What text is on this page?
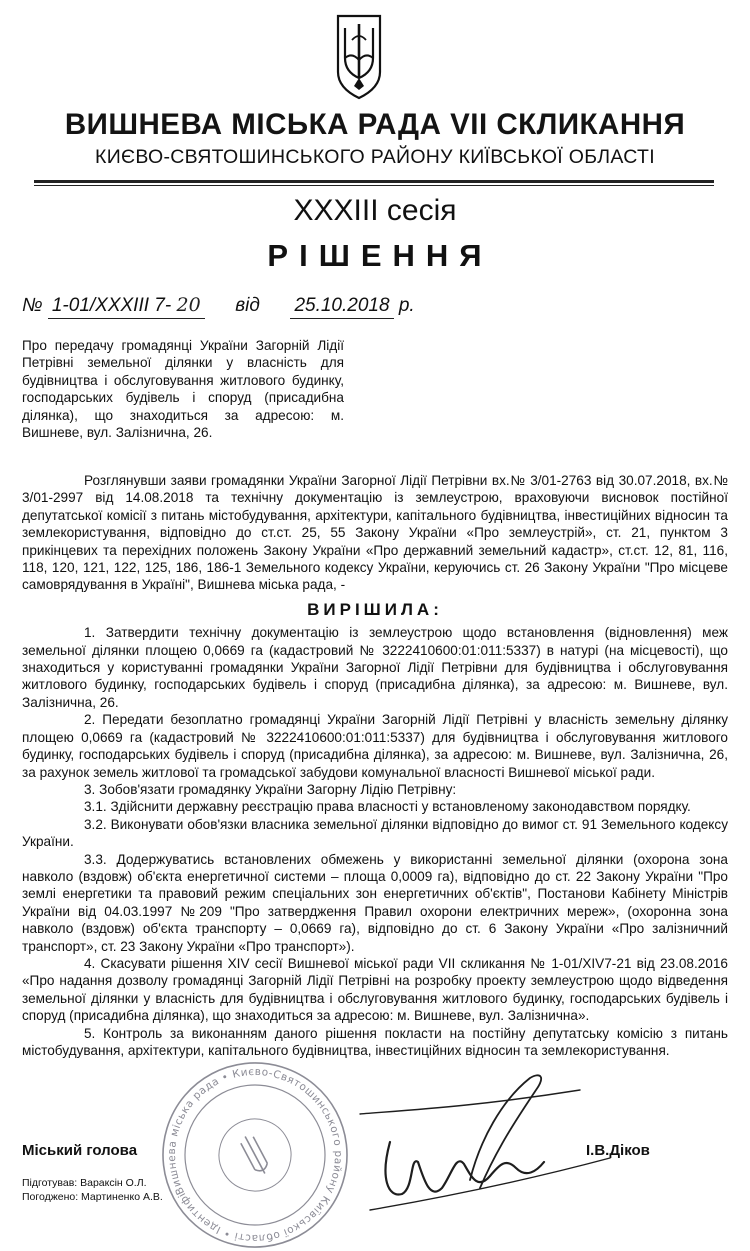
ВИШНЕВА МІСЬКА РАДА VII СКЛИКАННЯ
КИЄВО-СВЯТОШИНСЬКОГО РАЙОНУ КИЇВСЬКОЇ ОБЛАСТІ
XXXIII сесія
РІШЕННЯ
№ 1-01/XXXIII 7- 20 від 25.10.2018 р.
Про передачу громадянці України Загорній Лідії Петрівні земельної ділянки у власність для будівництва і обслуговування житлового будинку, господарських будівель і споруд (присадибна ділянка), що знаходиться за адресою: м. Вишневе, вул. Залізнична, 26.

Розглянувши заяви громадянки України Загорної Лідії Петрівни вх.№ 3/01-2763 від 30.07.2018, вх.№ 3/01-2997 від 14.08.2018 та технічну документацію із землеустрою, враховуючи висновок постійної депутатської комісії з питань містобудування, архітектури, капітального будівництва, інвестиційних відносин та землекористування, відповідно до ст.ст. 25, 55 Закону України «Про землеустрій», ст. 21, пунктом 3 прикінцевих та перехідних положень Закону України «Про державний земельний кадастр», ст.ст. 12, 81, 116, 118, 120, 121, 122, 125, 186, 186-1 Земельного кодексу України, керуючись ст. 26 Закону України "Про місцеве самоврядування в Україні", Вишнева міська рада, -

ВИРІШИЛА:

1. Затвердити технічну документацію із землеустрою щодо встановлення (відновлення) меж земельної ділянки площею 0,0669 га (кадастровий № 3222410600:01:011:5337) в натурі (на місцевості), що знаходиться у користуванні громадянки України Загорної Лідії Петрівни для будівництва і обслуговування житлового будинку, господарських будівель і споруд (присадибна ділянка), за адресою: м. Вишневе, вул. Залізнична, 26.

2. Передати безоплатно громадянці України Загорній Лідії Петрівні у власність земельну ділянку площею 0,0669 га (кадастровий № 3222410600:01:011:5337) для будівництва і обслуговування житлового будинку, господарських будівель і споруд (присадибна ділянка), за адресою: м. Вишневе, вул. Залізнична, 26, за рахунок земель житлової та громадської забудови комунальної власності Вишневої міської ради.

3. Зобов'язати громадянку України Загорну Лідію Петрівну:

3.1. Здійснити державну реєстрацію права власності у встановленому законодавством порядку.

3.2. Виконувати обов'язки власника земельної ділянки відповідно до вимог ст. 91 Земельного кодексу України.

3.3. Додержуватись встановлених обмежень у використанні земельної ділянки (охорона зона навколо (вздовж) об'єкта енергетичної системи – площа 0,0009 га), відповідно до ст. 22 Закону України "Про землі енергетики та правовий режим спеціальних зон енергетичних об'єктів", Постанови Кабінету Міністрів України від 04.03.1997 №209 "Про затвердження Правил охорони електричних мереж», (охоронна зона навколо (вздовж) об'єкта транспорту – 0,0669 га), відповідно до ст. 6 Закону України «Про залізничний транспорт», ст. 23 Закону України «Про транспорт»).

4. Скасувати рішення XIV сесії Вишневої міської ради VII скликання № 1-01/XIV7-21 від 23.08.2016 «Про надання дозволу громадянці Загорній Лідії Петрівні на розробку проекту землеустрою щодо відведення земельної ділянки у власність для будівництва і обслуговування житлового будинку, господарських будівель і споруд (присадибна ділянка), що знаходиться за адресою: м. Вишневе, вул. Залізнична».

5. Контроль за виконанням даного рішення покласти на постійну депутатську комісію з питань містобудування, архітектури, капітального будівництва, інвестиційних відносин та землекористування.

Міський голова	І.В.Діков
Підготував: Вараксін О.Л.
Погоджено: Мартиненко А.В.
Вишнева міська рада • Києво-Святошинського району Київської області • Ідентифікаційний
